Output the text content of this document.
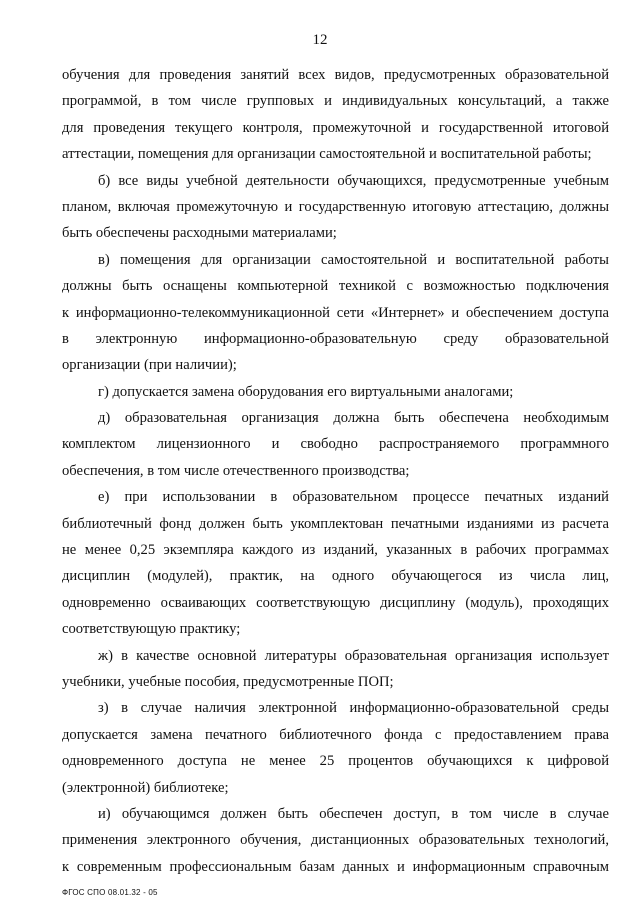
12
обучения для проведения занятий всех видов, предусмотренных образовательной
программой, в том числе групповых и индивидуальных консультаций, а также
для проведения текущего контроля, промежуточной и государственной итоговой
аттестации, помещения для организации самостоятельной и воспитательной работы;
б) все виды учебной деятельности обучающихся, предусмотренные учебным
планом, включая промежуточную и государственную итоговую аттестацию, должны
быть обеспечены расходными материалами;
в) помещения для организации самостоятельной и воспитательной работы
должны быть оснащены компьютерной техникой с возможностью подключения
к информационно-телекоммуникационной сети «Интернет» и обеспечением доступа
в электронную информационно-образовательную среду образовательной
организации (при наличии);
г) допускается замена оборудования его виртуальными аналогами;
д) образовательная организация должна быть обеспечена необходимым
комплектом лицензионного и свободно распространяемого программного
обеспечения, в том числе отечественного производства;
е) при использовании в образовательном процессе печатных изданий
библиотечный фонд должен быть укомплектован печатными изданиями из расчета
не менее 0,25 экземпляра каждого из изданий, указанных в рабочих программах
дисциплин (модулей), практик, на одного обучающегося из числа лиц,
одновременно осваивающих соответствующую дисциплину (модуль), проходящих
соответствующую практику;
ж) в качестве основной литературы образовательная организация использует
учебники, учебные пособия, предусмотренные ПОП;
з) в случае наличия электронной информационно-образовательной среды
допускается замена печатного библиотечного фонда с предоставлением права
одновременного доступа не менее 25 процентов обучающихся к цифровой
(электронной) библиотеке;
и) обучающимся должен быть обеспечен доступ, в том числе в случае
применения электронного обучения, дистанционных образовательных технологий,
к современным профессиональным базам данных и информационным справочным
ФГОС СПО 08.01.32 - 05
